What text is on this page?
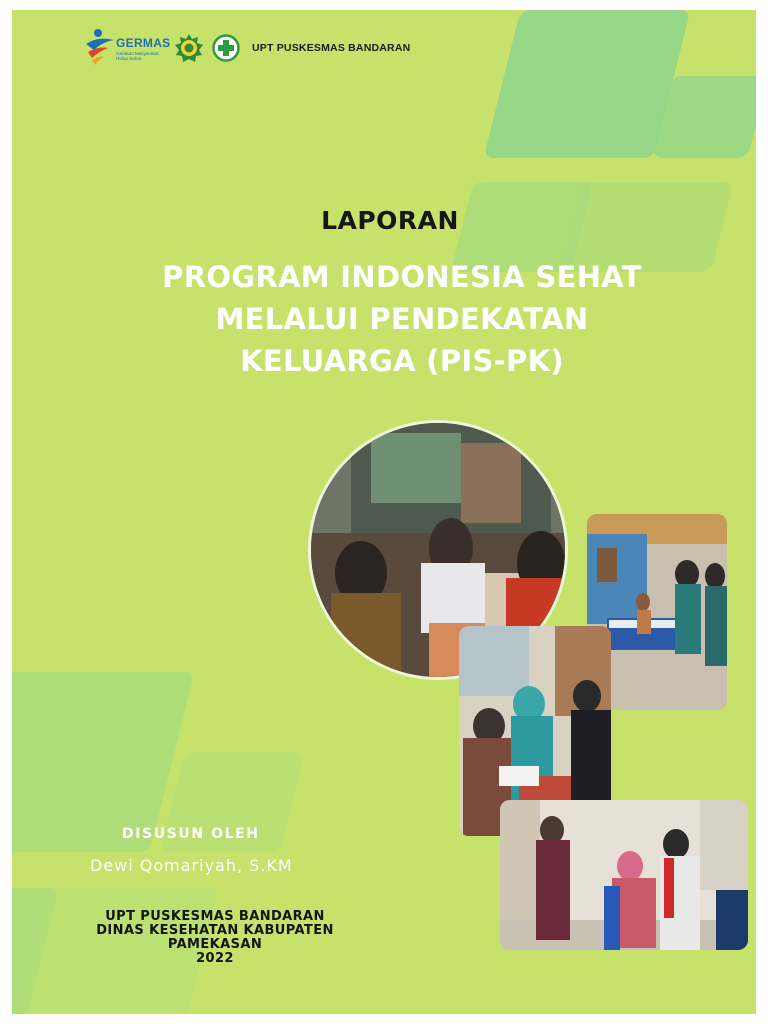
GERMAS
Gerakan Masyarakat Hidup Sehat
UPT PUSKESMAS BANDARAN
LAPORAN
PROGRAM INDONESIA SEHAT
MELALUI PENDEKATAN
KELUARGA (PIS-PK)
DISUSUN OLEH
Dewi Qomariyah, S.KM
UPT PUSKESMAS BANDARAN
DINAS KESEHATAN KABUPATEN
PAMEKASAN
2022
